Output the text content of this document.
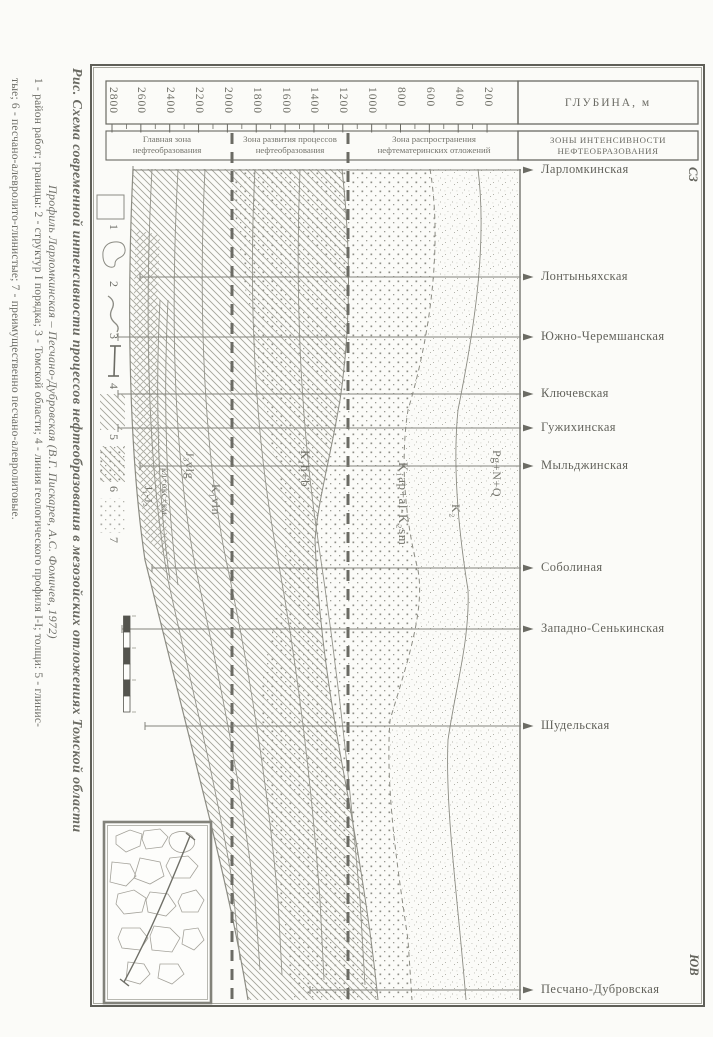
Рис. Схема современной интенсивности процессов нефтеобразования в мезозойских отложениях Томской области
Профиль Ларломкинская – Песчано-Дубровская (В.Г. Пискарев, А.С. Фомичев, 1972)
1 - район работ; границы: 2 - структур I порядка; 3 - Томской области; 4 - линия геологического профиля I-I; толщи: 5 - глинис-
тые; 6 - песчано-алевролито-глинистые; 7 - преимущественно песчано-алевролитовые.	ГЛУБИНА, м
ЗОНЫ ИНТЕНСИВНОСТИ
НЕФТЕОБРАЗОВАНИЯ
Главная зона
нефтеобразования
Зона развития процессов
нефтеобразования
Зона распространения
нефтематеринских отложений
СЗ
ЮВ
2800 2600 2400 2200 2000 1800 1600 1400 1200 1000 800 600 400 200
Ларломкинская
Лонтыньяхская
Южно-Черемшанская
Ключевская
Гужихинская
Мыльджинская
Соболиная
Западно-Сенькинская
Шудельская
Песчано-Дубровская
J₁-J₂ кл+окс+км
J₃vlg
K₁vln
K₁h+b	K₁ap+al-K₂sm	K₂
Pg+N+Q
1
2
3
4
5
6
7
